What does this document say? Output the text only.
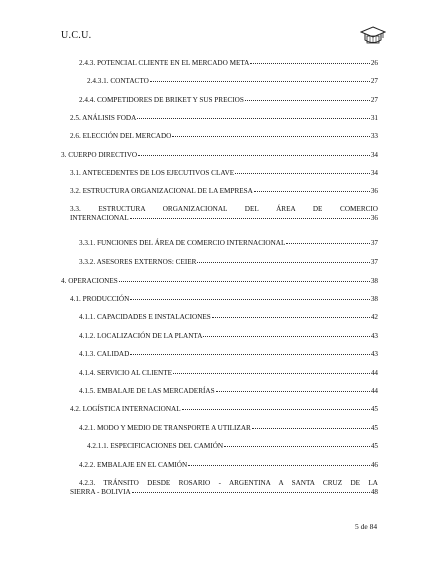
U.C.U.
2.4.3. POTENCIAL CLIENTE EN EL MERCADO META	26
2.4.3.1. CONTACTO	27
2.4.4. COMPETIDORES DE BRIKET Y SUS PRECIOS	27
2.5. ANÁLISIS FODA	31
2.6. ELECCIÓN DEL MERCADO	33
3. CUERPO DIRECTIVO	34
3.1. ANTECEDENTES DE LOS EJECUTIVOS CLAVE	34
3.2. ESTRUCTURA ORGANIZACIONAL DE LA EMPRESA	36
3.3. ESTRUCTURA ORGANIZACIONAL DEL ÁREA DE COMERCIO
INTERNACIONAL	36
3.3.1. FUNCIONES DEL ÁREA DE COMERCIO INTERNACIONAL	37
3.3.2. ASESORES EXTERNOS: CEIER	37
4. OPERACIONES	38
4.1. PRODUCCIÓN	38
4.1.1. CAPACIDADES E INSTALACIONES	42
4.1.2. LOCALIZACIÓN DE LA PLANTA	43
4.1.3. CALIDAD	43
4.1.4. SERVICIO AL CLIENTE	44
4.1.5. EMBALAJE DE LAS MERCADERÍAS	44
4.2. LOGÍSTICA INTERNACIONAL	45
4.2.1. MODO Y MEDIO DE TRANSPORTE A UTILIZAR	45
4.2.1.1. ESPECIFICACIONES DEL CAMIÓN	45
4.2.2. EMBALAJE EN EL CAMIÓN	46
4.2.3. TRÁNSITO DESDE ROSARIO - ARGENTINA A SANTA CRUZ DE LA
SIERRA - BOLIVIA	48
5 de 84
